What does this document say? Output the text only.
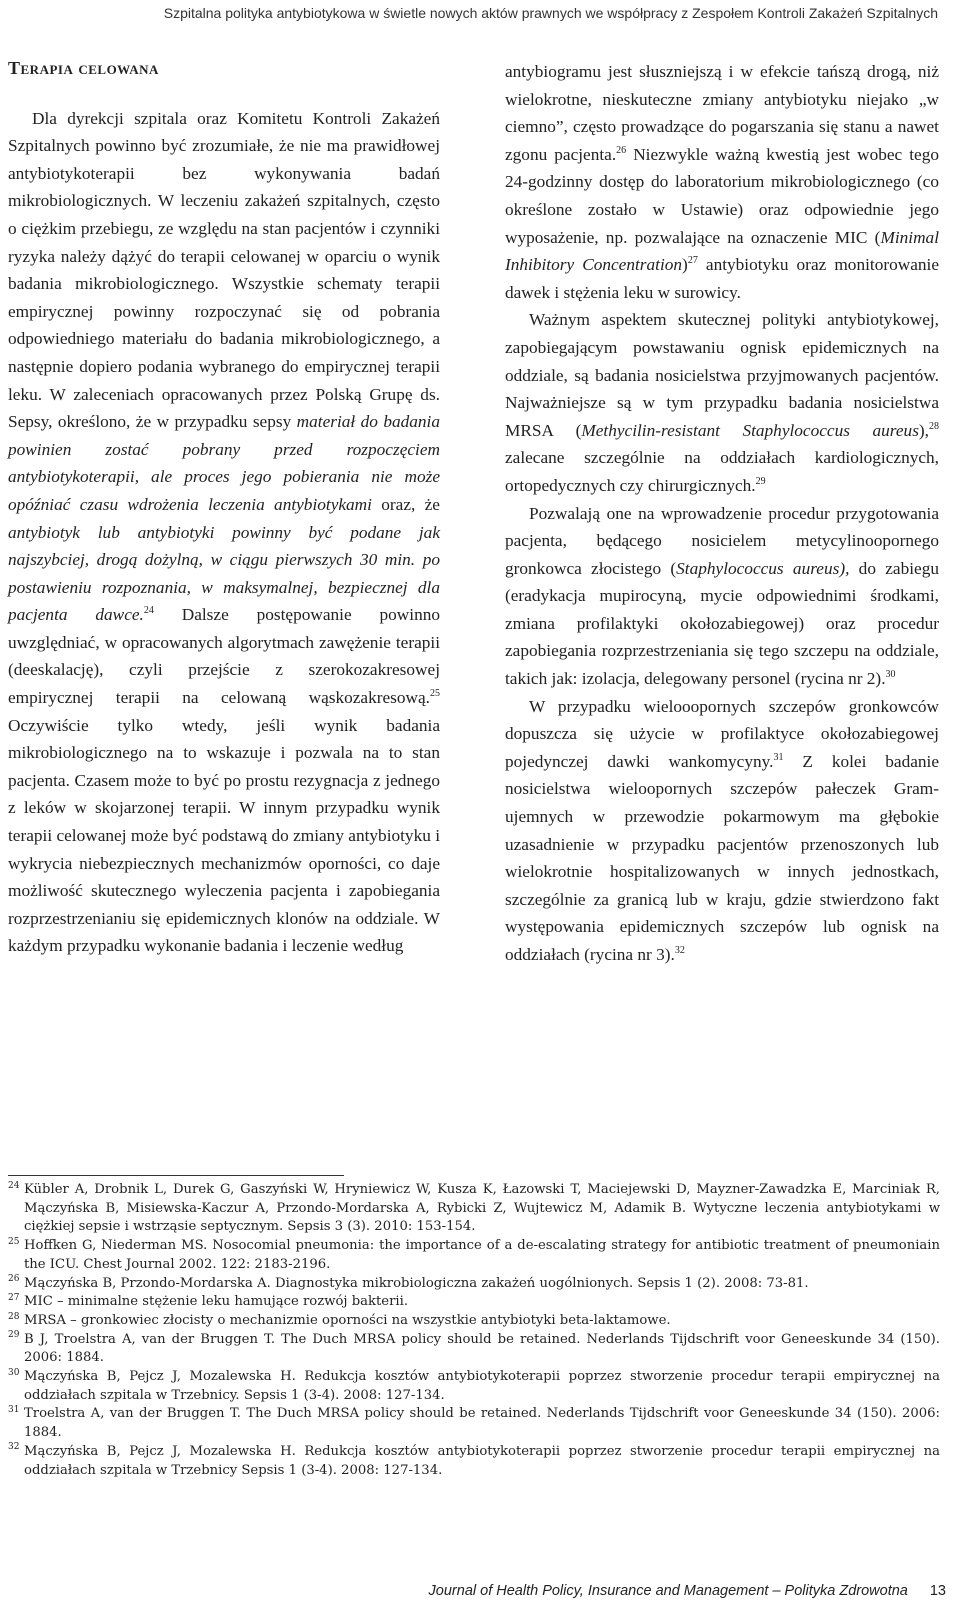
Szpitalna polityka antybiotykowa w świetle nowych aktów prawnych we współpracy z Zespołem Kontroli Zakażeń Szpitalnych
Terapia celowana

Dla dyrekcji szpitala oraz Komitetu Kontroli Zakażeń Szpitalnych powinno być zrozumiałe, że nie ma prawidłowej antybiotykoterapii bez wykonywania badań mikrobiologicznych. W leczeniu zakażeń szpitalnych, często o ciężkim przebiegu, ze względu na stan pacjentów i czynniki ryzyka należy dążyć do terapii celowanej w oparciu o wynik badania mikrobiologicznego. Wszystkie schematy terapii empirycznej powinny rozpoczynać się od pobrania odpowiedniego materiału do badania mikrobiologicznego, a następnie dopiero podania wybranego do empirycznej terapii leku. W zaleceniach opracowanych przez Polską Grupę ds. Sepsy, określono, że w przypadku sepsy materiał do badania powinien zostać pobrany przed rozpoczęciem antybiotykoterapii, ale proces jego pobierania nie może opóźniać czasu wdrożenia leczenia antybiotykami oraz, że antybiotyk lub antybiotyki powinny być podane jak najszybciej, drogą dożylną, w ciągu pierwszych 30 min. po postawieniu rozpoznania, w maksymalnej, bezpiecznej dla pacjenta dawce.$^{24}$ Dalsze postępowanie powinno uwzględniać, w opracowanych algorytmach zawężenie terapii (deeskalację), czyli przejście z szerokozakresowej empirycznej terapii na celowaną wąskozakresową.$^{25}$ Oczywiście tylko wtedy, jeśli wynik badania mikrobiologicznego na to wskazuje i pozwala na to stan pacjenta. Czasem może to być po prostu rezygnacja z jednego z leków w skojarzonej terapii. W innym przypadku wynik terapii celowanej może być podstawą do zmiany antybiotyku i wykrycia niebezpiecznych mechanizmów oporności, co daje możliwość skutecznego wyleczenia pacjenta i zapobiegania rozprzestrzenianiu się epidemicznych klonów na oddziale. W każdym przypadku wykonanie badania i leczenie według

antybiogramu jest słuszniejszą i w efekcie tańszą drogą, niż wielokrotne, nieskuteczne zmiany antybiotyku niejako „w ciemno”, często prowadzące do pogarszania się stanu a nawet zgonu pacjenta.$^{26}$ Niezwykle ważną kwestią jest wobec tego 24-godzinny dostęp do laboratorium mikrobiologicznego (co określone zostało w Ustawie) oraz odpowiednie jego wyposażenie, np. pozwalające na oznaczenie MIC (Minimal Inhibitory Concentration)$^{27}$ antybiotyku oraz monitorowanie dawek i stężenia leku w surowicy.

Ważnym aspektem skutecznej polityki antybiotykowej, zapobiegającym powstawaniu ognisk epidemicznych na oddziale, są badania nosicielstwa przyjmowanych pacjentów. Najważniejsze są w tym przypadku badania nosicielstwa MRSA (Methycilin-resistant Staphylococcus aureus),$^{28}$ zalecane szczególnie na oddziałach kardiologicznych, ortopedycznych czy chirurgicznych.$^{29}$

Pozwalają one na wprowadzenie procedur przygotowania pacjenta, będącego nosicielem metycylinoopornego gronkowca złocistego (Staphylococcus aureus), do zabiegu (eradykacja mupirocyną, mycie odpowiednimi środkami, zmiana profilaktyki okołozabiegowej) oraz procedur zapobiegania rozprzestrzeniania się tego szczepu na oddziale, takich jak: izolacja, delegowany personel (rycina nr 2).$^{30}$

W przypadku wielooopornych szczepów gronkowców dopuszcza się użycie w profilaktyce okołozabiegowej pojedynczej dawki wankomycyny.$^{31}$ Z kolei badanie nosicielstwa wieloopornych szczepów pałeczek Gram-ujemnych w przewodzie pokarmowym ma głębokie uzasadnienie w przypadku pacjentów przenoszonych lub wielokrotnie hospitalizowanych w innych jednostkach, szczególnie za granicą lub w kraju, gdzie stwierdzono fakt występowania epidemicznych szczepów lub ognisk na oddziałach (rycina nr 3).$^{32}$

24 Kübler A, Drobnik L, Durek G, Gaszyński W, Hryniewicz W, Kusza K, Łazowski T, Maciejewski D, Mayzner-Zawadzka E, Marciniak R, Mączyńska B, Misiewska-Kaczur A, Przondo-Mordarska A, Rybicki Z, Wujtewicz M, Adamik B. Wytyczne leczenia antybiotykami w ciężkiej sepsie i wstrząsie septycznym. Sepsis 3 (3). 2010: 153-154.

25 Hoffken G, Niederman MS. Nosocomial pneumonia: the importance of a de-escalating strategy for antibiotic treatment of pneumoniain the ICU. Chest Journal 2002. 122: 2183-2196.

26 Mączyńska B, Przondo-Mordarska A. Diagnostyka mikrobiologiczna zakażeń uogólnionych. Sepsis 1 (2). 2008: 73-81.

27 MIC – minimalne stężenie leku hamujące rozwój bakterii.

28 MRSA – gronkowiec złocisty o mechanizmie oporności na wszystkie antybiotyki beta-laktamowe.

29 B J, Troelstra A, van der Bruggen T. The Duch MRSA policy should be retained. Nederlands Tijdschrift voor Geneeskunde 34 (150). 2006: 1884.

30 Mączyńska B, Pejcz J, Mozalewska H. Redukcja kosztów antybiotykoterapii poprzez stworzenie procedur terapii empirycznej na oddziałach szpitala w Trzebnicy. Sepsis 1 (3-4). 2008: 127-134.

31 Troelstra A, van der Bruggen T. The Duch MRSA policy should be retained. Nederlands Tijdschrift voor Geneeskunde 34 (150). 2006: 1884.

32 Mączyńska B, Pejcz J, Mozalewska H. Redukcja kosztów antybiotykoterapii poprzez stworzenie procedur terapii empirycznej na oddziałach szpitala w Trzebnicy Sepsis 1 (3-4). 2008: 127-134.

Journal of Health Policy, Insurance and Management – Polityka Zdrowotna 13
